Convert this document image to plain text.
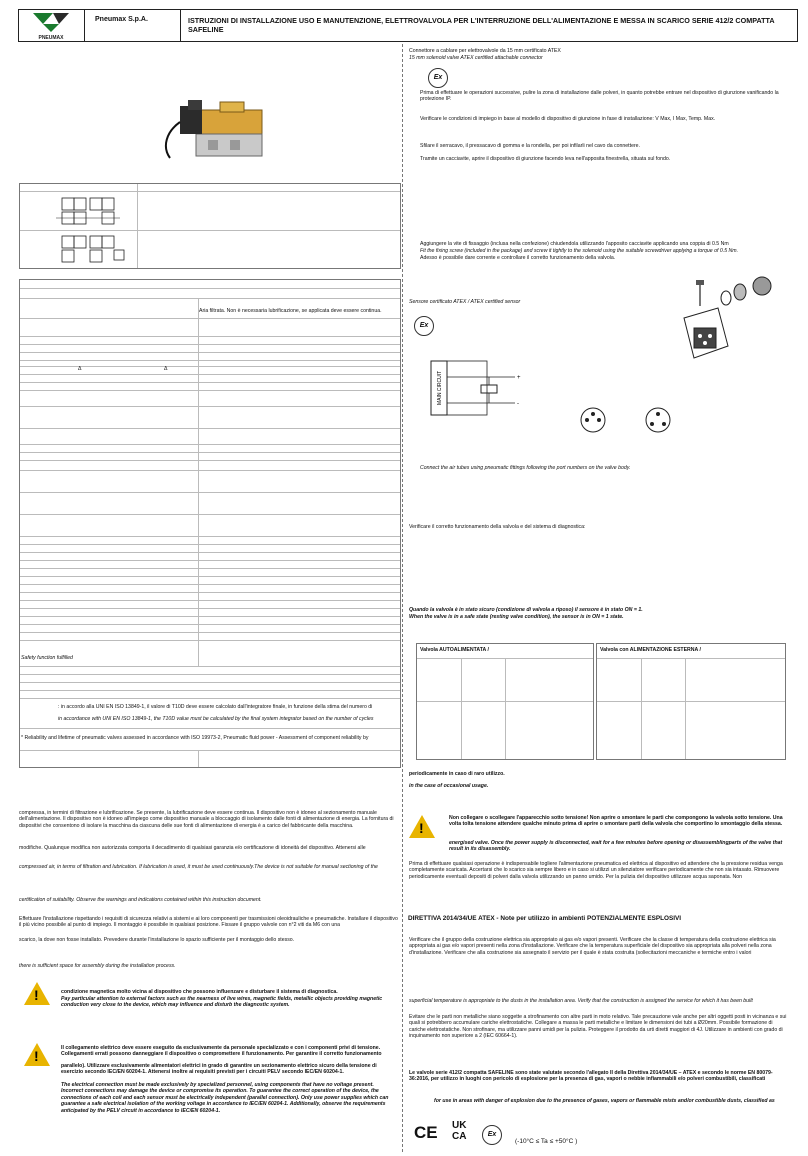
PNEUMAX
Pneumax S.p.A.	ISTRUZIONI DI INSTALLAZIONE USO E MANUTENZIONE, ELETTROVALVOLA PER L'INTERRUZIONE DELL'ALIMENTAZIONE E MESSA IN SCARICO SERIE 412/2 COMPATTA SAFELINE
Aria filtrata. Non è necessaria lubrificazione, se applicata deve essere continua.
Δ	Δ
Safety function fulfilled
: in accordo alla UNI EN ISO 13849-1, il valore di T10D deve essere calcolato dall'integratore finale, in funzione della stima del numero di
in accordance with UNI EN ISO 13849-1, the T10D value must be calculated by the final system integrator based on the number of cycles
* Reliability and lifetime of pneumatic valves assessed in accordance with ISO 19973-2, Pneumatic fluid power - Assessment of component reliability by
compressa, in termini di filtrazione e lubrificazione. Se presente, la lubrificazione deve essere continua. Il dispositivo non è idoneo al sezionamento manuale dell'alimentazione. Il dispositivo non è idoneo all'impiego come dispositivo manuale a bloccaggio di isolamento dalle fonti di alimentazione di energia. La fornitura di dispositivi che consentono di isolare la macchina da ciascuna delle sue fonti di alimentazione di energia è a carico del fabbricante della macchina.
modifiche. Qualunque modifica non autorizzata comporta il decadimento di qualsiasi garanzia e/o certificazione di idoneità del dispositivo. Attenersi alle
compressed air, in terms of filtration and lubrication. If lubrication is used, it must be used continuously.The device is not suitable for manual sectioning of the
certification of suitability. Observe the warnings and indications contained within this instruction document.
Effettuare l'installazione rispettando i requisiti di sicurezza relativi a sistemi e ai loro componenti per trasmissioni oleoidrauliche e pneumatiche. Installare il dispositivo il più vicino possibile al punto di impiego. Il montaggio è possibile in qualsiasi posizione. Fissare il gruppo valvole con n°2 viti da M6 con una
scarico, la dove non fosse installato. Prevedere durante l'installazione lo spazio sufficiente per il montaggio dello stesso.
there is sufficient space for assembly during the installation process.
!
condizione magnetica molto vicina al dispositivo che possono influenzare e disturbare il sistema di diagnostica.
Pay particular attention to external factors such as the nearness of live wires, magnetic fields, metallic objects providing magnetic conduction very close to the device, which may influence and disturb the diagnostic system.
!
Il collegamento elettrico deve essere eseguito da esclusivamente da personale specializzato e con i componenti privi di tensione. Collegamenti errati possono danneggiare il dispositivo o compromettere il funzionamento. Per garantire il corretto funzionamento
parallelo). Utilizzare esclusivamente alimentatori elettrici in grado di garantire un sezionamento elettrico sicuro della tensione di esercizio secondo IEC/EN 60204-1. Attenersi inoltre ai requisiti previsti per i circuiti PELV secondo IEC/EN 60204-1.
The electrical connection must be made exclusively by specialized personnel, using components that have no voltage present. Incorrect connections may damage the device or compromise its operation. To guarantee the correct operation of the device, the connections of each coil and each sensor must be electrically independent (parallel connection). Only use power supplies which can guarantee a safe electrical isolation of the working voltage in accordance to IEC/EN 60204-1. Additionally, observe the requirements anticipated by the PELV circuit in accordance to IEC/EN 60204-1.
Connettore a cablare per elettrovalvole da 15 mm certificato ATEX
15 mm solenoid valve ATEX certified attachable connector
Ex
Prima di effettuare le operazioni successive, pulire la zona di installazione dalle polveri, in quanto potrebbe entrare nel dispositivo di giunzione vanificando la protezione IP.
Verificare le condizioni di impiego in base al modello di dispositivo di giunzione in fase di installazione: V Max, I Max, Temp. Max.
Sfilare il serracavo, il pressacavo di gomma e la rondella, per poi infilarli nel cavo da connettere.
Tramite un cacciavite, aprire il dispositivo di giunzione facendo leva nell'apposita finestrella, situata sul fondo.
Aggiungere la vite di fissaggio (inclusa nella confezione) chiudendola utilizzando l'apposito cacciavite applicando una coppia di 0.5 Nm
Fit the fixing screw (included in the package) and screw it tightly to the solenoid using the suitable screwdriver applying a torque of 0.5 Nm.
Adesso è possibile dare corrente e controllare il corretto funzionamento della valvola.
Sensore certificato ATEX / ATEX certified sensor
Ex
MAIN CIRCUIT	+
-
Connect the air tubes using pneumatic fittings following the port numbers on the valve body.
Verificare il corretto funzionamento della valvola e del sistema di diagnostica:
Quando la valvola è in stato sicuro (condizione di valvola a riposo) il sensore è in stato ON = 1.
When the valve is in a safe state (resting valve condition), the sensor is in ON = 1 state.
Valvola AUTOALIMENTATA /	Valvola con ALIMENTAZIONE ESTERNA /
periodicamente in caso di raro utilizzo.
in the case of occasional usage.
!
Non collegare o scollegare l'apparecchio sotto tensione! Non aprire o smontare le parti che compongono la valvola sotto tensione. Una volta tolta tensione attendere qualche minuto prima di aprire o smontare parti della valvola che comportino lo smontaggio della stessa.
energised valve. Once the power supply is disconnected, wait for a few minutes before opening or disassemblingparts of the valve that result in its disassembly.
Prima di effettuare qualsiasi operazione è indispensabile togliere l'alimentazione pneumatica ed elettrica al dispositivo ed attendere che la pressione residua venga completamente scaricata. Accertarsi che lo scarico sia sempre libero e in caso si utilizzi un silenziatore verificare periodicamente che non sia intasato. Rimuovere periodicamente eventuali depositi di polveri dalla valvola utilizzando un panno umido. Per la pulizia del dispositivo utilizzare acqua saponata. Non
DIRETTIVA 2014/34/UE ATEX - Note per utilizzo in ambienti POTENZIALMENTE ESPLOSIVI
Verificare che il gruppo della costruzione elettrica sia appropriato ai gas e/o vapori presenti. Verificare che la classe di temperatura della costruzione elettrica sia appropriata ai gas e/o vapori presenti nella zona d'installazione. Verificare che la temperatura superficiale del dispositivo sia appropriata alla polveri nella zona d'installazione. Verificare che alla costruzione sia assegnato il servizio per il quale è stata costruita (sollecitazioni meccaniche e termiche entro i valori
superficial temperature is appropriate to the dusts in the installation area. Verify that the construction is assigned the service for which it has been built
Evitare che le parti non metalliche siano soggette a strofinamento con altre parti in moto relativo. Tale precauzione vale anche per altri oggetti posti in vicinanza e sui quali si potrebbero accumulare cariche elettrostatiche. Collegare a massa le parti metalliche e limitare le dimensioni dei tubi a Ø20mm. Possibile formazione di cariche elettrostatiche. Non strofinare, ma utilizzare panni umidi per la pulizia. Proteggere il prodotto da urti diretti maggiori di 4J. Utilizzare in ambienti con grado di inquinamento non superiore a 2 (IEC 60664-1).
Le valvole serie 412/2 compatta SAFELINE sono state valutate secondo l'allegato II della Direttiva 2014/34/UE – ATEX e secondo le norme EN 80079-36:2016, per utilizzo in luoghi con pericolo di esplosione per la presenza di gas, vapori o nebbie infiammabili e/o polveri combustibili, classificati
for use in areas with danger of explosion due to the presence of gases, vapors or flammable mists and/or combustible dusts, classified as
CE UK
CA	Ex
(-10°C ≤ Ta ≤ +50°C )
